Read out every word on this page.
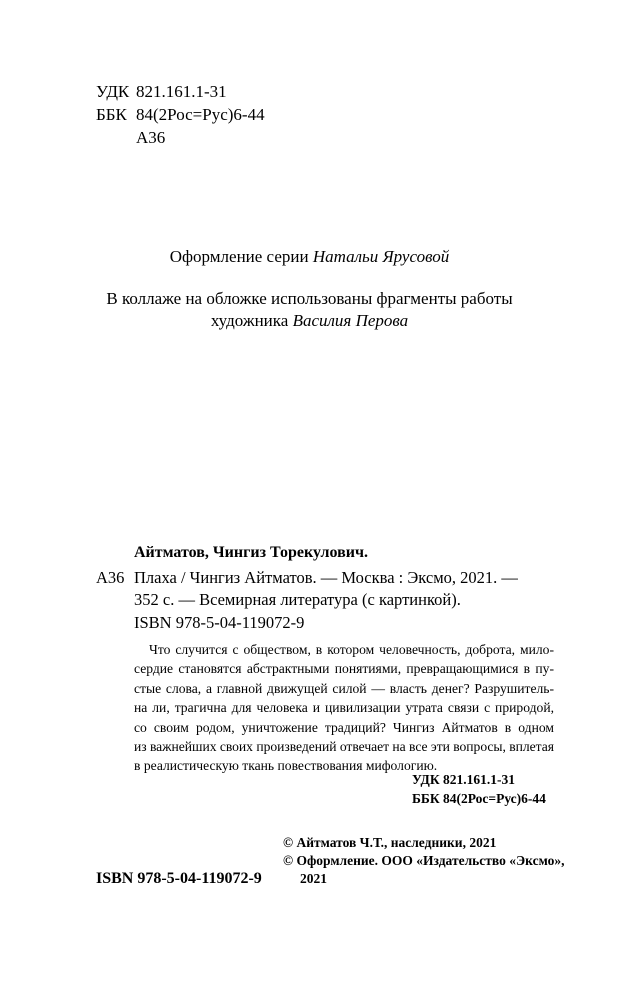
УДК 821.161.1-31
ББК 84(2Рос=Рус)6-44
А36
Оформление серии Натальи Ярусовой
В коллаже на обложке использованы фрагменты работы
художника Василия Перова
Айтматов, Чингиз Торекулович.
А36 Плаха / Чингиз Айтматов. — Москва : Эксмо, 2021. —
352 с. — Всемирная литература (с картинкой).
ISBN 978-5-04-119072-9
Что случится с обществом, в котором человечность, доброта, мило-
сердие становятся абстрактными понятиями, превращающимися в пу-
стые слова, а главной движущей силой — власть денег? Разрушитель-
на ли, трагична для человека и цивилизации утрата связи с природой,
со своим родом, уничтожение традиций? Чингиз Айтматов в одном
из важнейших своих произведений отвечает на все эти вопросы, вплетая
в реалистическую ткань повествования мифологию.
УДК 821.161.1-31
ББК 84(2Рос=Рус)6-44
© Айтматов Ч.Т., наследники, 2021
© Оформление. ООО «Издательство «Эксмо»,
2021
ISBN 978-5-04-119072-9
